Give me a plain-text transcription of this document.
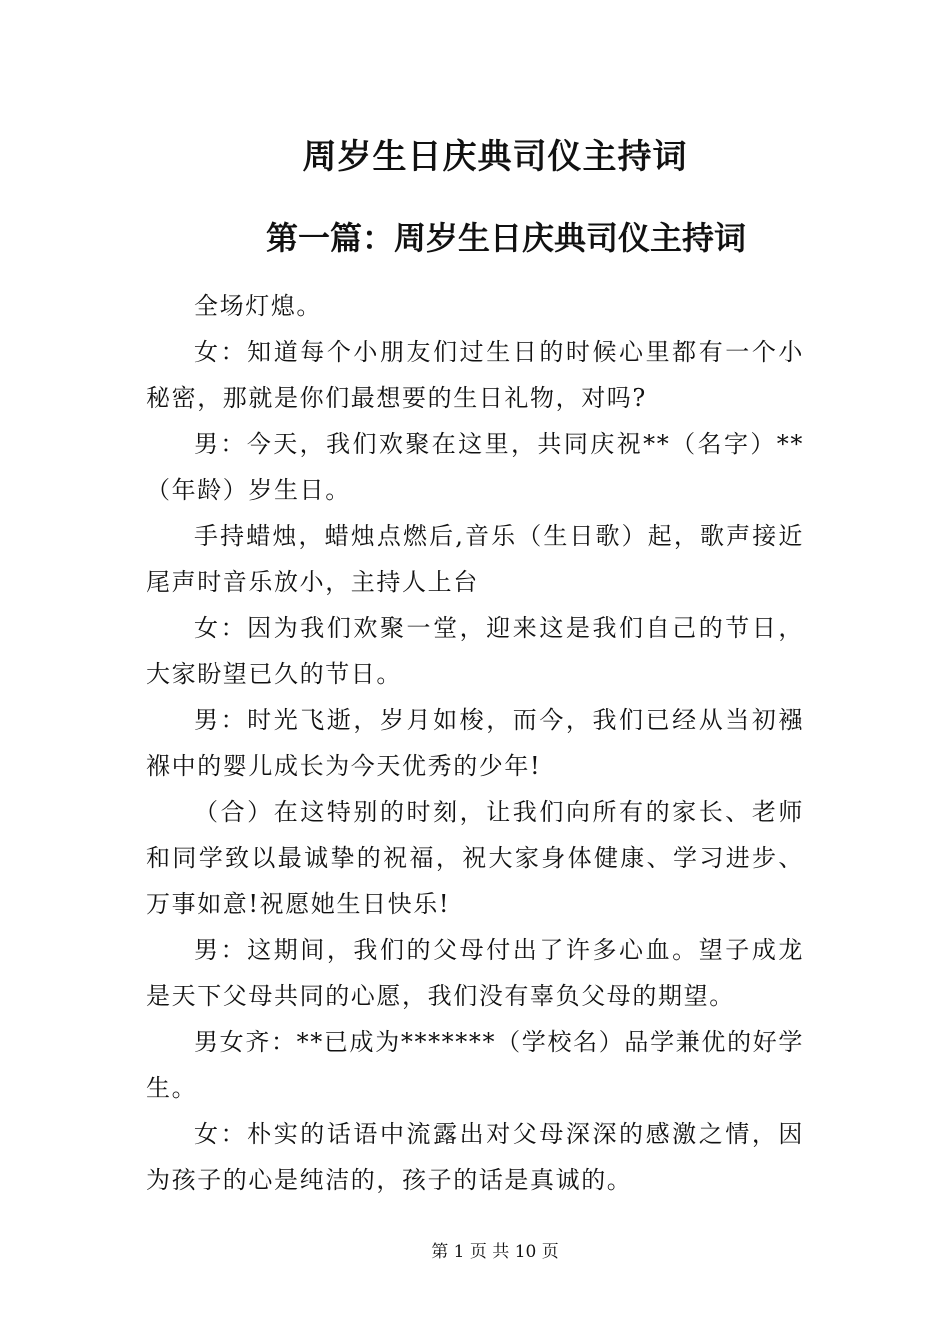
周岁生日庆典司仪主持词
第一篇：周岁生日庆典司仪主持词

全场灯熄。

女：知道每个小朋友们过生日的时候心里都有一个小秘密，那就是你们最想要的生日礼物，对吗?

男：今天，我们欢聚在这里，共同庆祝**（名字）**（年龄）岁生日。

手持蜡烛，蜡烛点燃后,音乐（生日歌）起，歌声接近尾声时音乐放小，主持人上台

女：因为我们欢聚一堂，迎来这是我们自己的节日，大家盼望已久的节日。

男：时光飞逝，岁月如梭，而今，我们已经从当初襁褓中的婴儿成长为今天优秀的少年!

（合）在这特别的时刻，让我们向所有的家长、老师和同学致以最诚挚的祝福，祝大家身体健康、学习进步、万事如意!祝愿她生日快乐!

男：这期间，我们的父母付出了许多心血。望子成龙是天下父母共同的心愿，我们没有辜负父母的期望。

男女齐：**已成为*******（学校名）品学兼优的好学生。

女：朴实的话语中流露出对父母深深的感激之情，因为孩子的心是纯洁的，孩子的话是真诚的。

第 1 页 共 10 页
